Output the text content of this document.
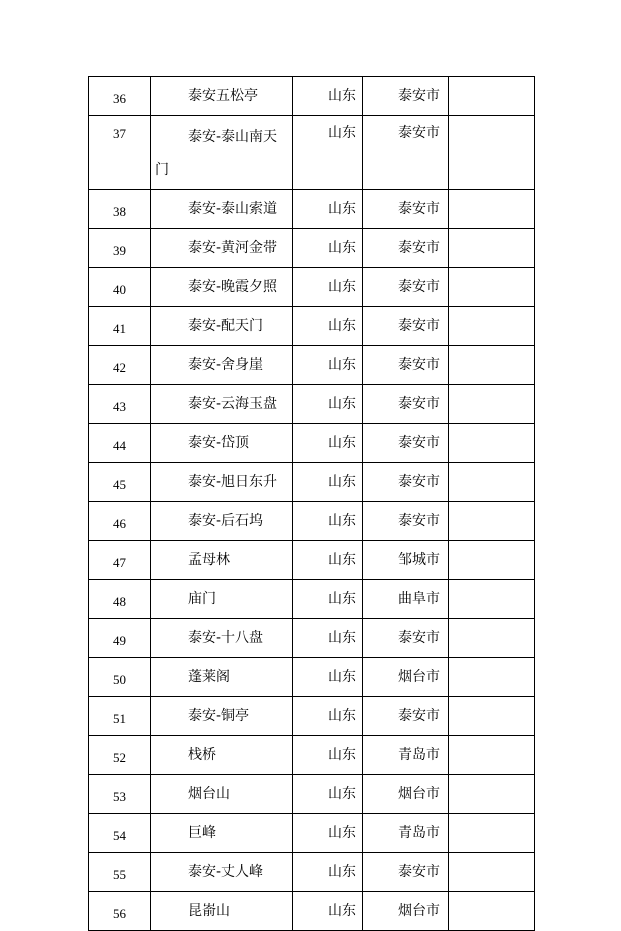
36	泰安五松亭	山东	泰安市	
37	泰安-泰山南天门	山东	泰安市	
38	泰安-泰山索道	山东	泰安市	
39	泰安-黄河金带	山东	泰安市	
40	泰安-晚霞夕照	山东	泰安市	
41	泰安-配天门	山东	泰安市	
42	泰安-舍身崖	山东	泰安市	
43	泰安-云海玉盘	山东	泰安市	
44	泰安-岱顶	山东	泰安市	
45	泰安-旭日东升	山东	泰安市	
46	泰安-后石坞	山东	泰安市	
47	孟母林	山东	邹城市	
48	庙门	山东	曲阜市	
49	泰安-十八盘	山东	泰安市	
50	蓬莱阁	山东	烟台市	
51	泰安-铜亭	山东	泰安市	
52	栈桥	山东	青岛市	
53	烟台山	山东	烟台市	
54	巨峰	山东	青岛市	
55	泰安-丈人峰	山东	泰安市	
56	昆嵛山	山东	烟台市	
